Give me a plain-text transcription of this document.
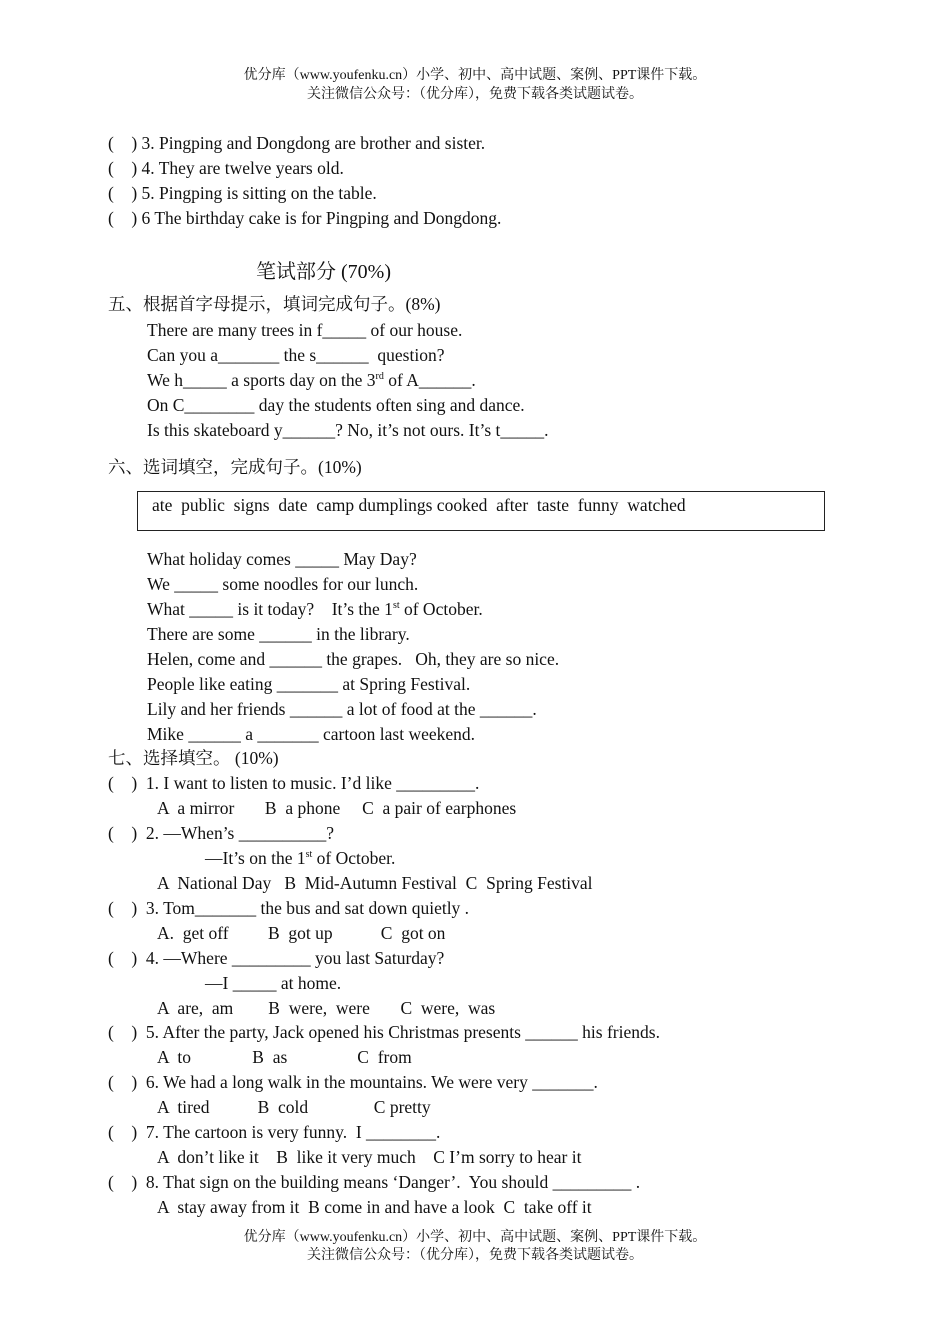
优分库（www.youfenku.cn）小学、初中、高中试题、案例、PPT课件下载。
关注微信公众号：（优分库），免费下载各类试题试卷。
(    ) 3. Pingping and Dongdong are brother and sister.
(    ) 4. They are twelve years old.
(    ) 5. Pingping is sitting on the table.
(    ) 6 The birthday cake is for Pingping and Dongdong.
笔试部分 (70%)
五、根据首字母提示，填词完成句子。(8%)
There are many trees in f_____ of our house.
Can you a_______ the s______  question?
We h_____ a sports day on the 3rd of A______.
On C________ day the students often sing and dance.
Is this skateboard y______? No, it’s not ours. It’s t_____.
六、选词填空，完成句子。(10%)
ate  public  signs  date  camp dumplings cooked  after  taste  funny  watched
What holiday comes _____ May Day?
We _____ some noodles for our lunch.
What _____ is it today?    It’s the 1st of October.
There are some ______ in the library.
Helen, come and ______ the grapes.   Oh, they are so nice.
People like eating _______ at Spring Festival.
Lily and her friends ______ a lot of food at the ______.
Mike ______ a _______ cartoon last weekend.
七、选择填空。 (10%)
(    )  1. I want to listen to music. I’d like _________.
A  a mirror       B  a phone     C  a pair of earphones
(    )  2. —When’s __________?
—It’s on the 1st of October.
A  National Day   B  Mid-Autumn Festival  C  Spring Festival
(    )  3. Tom_______ the bus and sat down quietly .
A.  get off         B  got up           C  got on
(    )  4. —Where _________ you last Saturday?
—I _____ at home.
A  are,  am        B  were,  were       C  were,  was
(    )  5. After the party, Jack opened his Christmas presents ______ his friends.
A  to              B  as                C  from
(    )  6. We had a long walk in the mountains. We were very _______.
A  tired           B  cold               C pretty
(    )  7. The cartoon is very funny.  I ________.
A  don’t like it    B  like it very much    C I’m sorry to hear it
(    )  8. That sign on the building means ‘Danger’.  You should _________ .
A  stay away from it  B come in and have a look  C  take off it
优分库（www.youfenku.cn）小学、初中、高中试题、案例、PPT课件下载。
关注微信公众号：（优分库），免费下载各类试题试卷。
